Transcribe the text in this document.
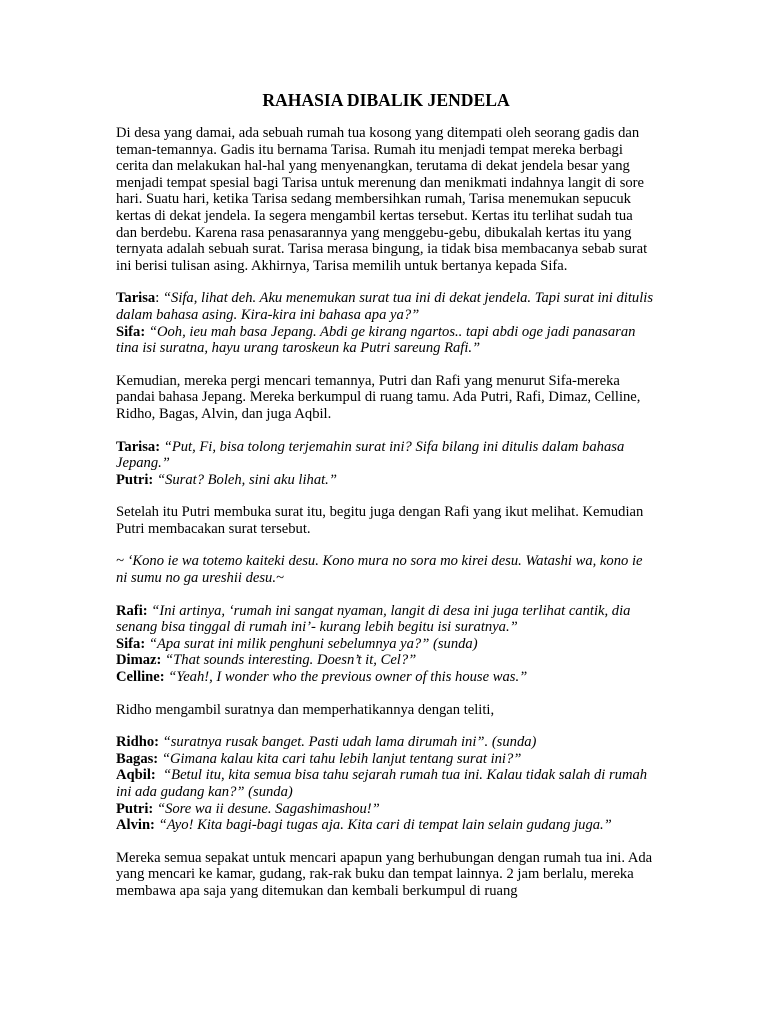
RAHASIA DIBALIK JENDELA
Di desa yang damai, ada sebuah rumah tua kosong yang ditempati oleh seorang gadis dan teman-temannya. Gadis itu bernama Tarisa. Rumah itu menjadi tempat mereka berbagi cerita dan melakukan hal-hal yang menyenangkan, terutama di dekat jendela besar yang menjadi tempat spesial bagi Tarisa untuk merenung dan menikmati indahnya langit di sore hari. Suatu hari, ketika Tarisa sedang membersihkan rumah, Tarisa menemukan sepucuk kertas di dekat jendela. Ia segera mengambil kertas tersebut. Kertas itu terlihat sudah tua dan berdebu. Karena rasa penasarannya yang menggebu-gebu, dibukalah kertas itu yang ternyata adalah sebuah surat. Tarisa merasa bingung, ia tidak bisa membacanya sebab surat ini berisi tulisan asing. Akhirnya, Tarisa memilih untuk bertanya kepada Sifa.
Tarisa: “Sifa, lihat deh. Aku menemukan surat tua ini di dekat jendela. Tapi surat ini ditulis dalam bahasa asing. Kira-kira ini bahasa apa ya?”
Sifa: “Ooh, ieu mah basa Jepang. Abdi ge kirang ngartos.. tapi abdi oge jadi panasaran tina isi suratna, hayu urang taroskeun ka Putri sareung Rafi.”
Kemudian, mereka pergi mencari temannya, Putri dan Rafi yang menurut Sifa-mereka pandai bahasa Jepang. Mereka berkumpul di ruang tamu. Ada Putri, Rafi, Dimaz, Celline, Ridho, Bagas, Alvin, dan juga Aqbil.
Tarisa: “Put, Fi, bisa tolong terjemahin surat ini? Sifa bilang ini ditulis dalam bahasa Jepang.”
Putri: “Surat? Boleh, sini aku lihat.”
Setelah itu Putri membuka surat itu, begitu juga dengan Rafi yang ikut melihat. Kemudian Putri membacakan surat tersebut.
~ ‘Kono ie wa totemo kaiteki desu. Kono mura no sora mo kirei desu. Watashi wa, kono ie ni sumu no ga ureshii desu.~
Rafi: “Ini artinya, ‘rumah ini sangat nyaman, langit di desa ini juga terlihat cantik, dia senang bisa tinggal di rumah ini’- kurang lebih begitu isi suratnya.”
Sifa: “Apa surat ini milik penghuni sebelumnya ya?” (sunda)
Dimaz: “That sounds interesting. Doesn’t it, Cel?”
Celline: “Yeah!, I wonder who the previous owner of this house was.”
Ridho mengambil suratnya dan memperhatikannya dengan teliti,
Ridho: “suratnya rusak banget. Pasti udah lama dirumah ini”. (sunda)
Bagas: “Gimana kalau kita cari tahu lebih lanjut tentang surat ini?”
Aqbil: “Betul itu, kita semua bisa tahu sejarah rumah tua ini. Kalau tidak salah di rumah ini ada gudang kan?” (sunda)
Putri: “Sore wa ii desune. Sagashimashou!”
Alvin: “Ayo! Kita bagi-bagi tugas aja. Kita cari di tempat lain selain gudang juga.”
Mereka semua sepakat untuk mencari apapun yang berhubungan dengan rumah tua ini. Ada yang mencari ke kamar, gudang, rak-rak buku dan tempat lainnya. 2 jam berlalu, mereka membawa apa saja yang ditemukan dan kembali berkumpul di ruang
